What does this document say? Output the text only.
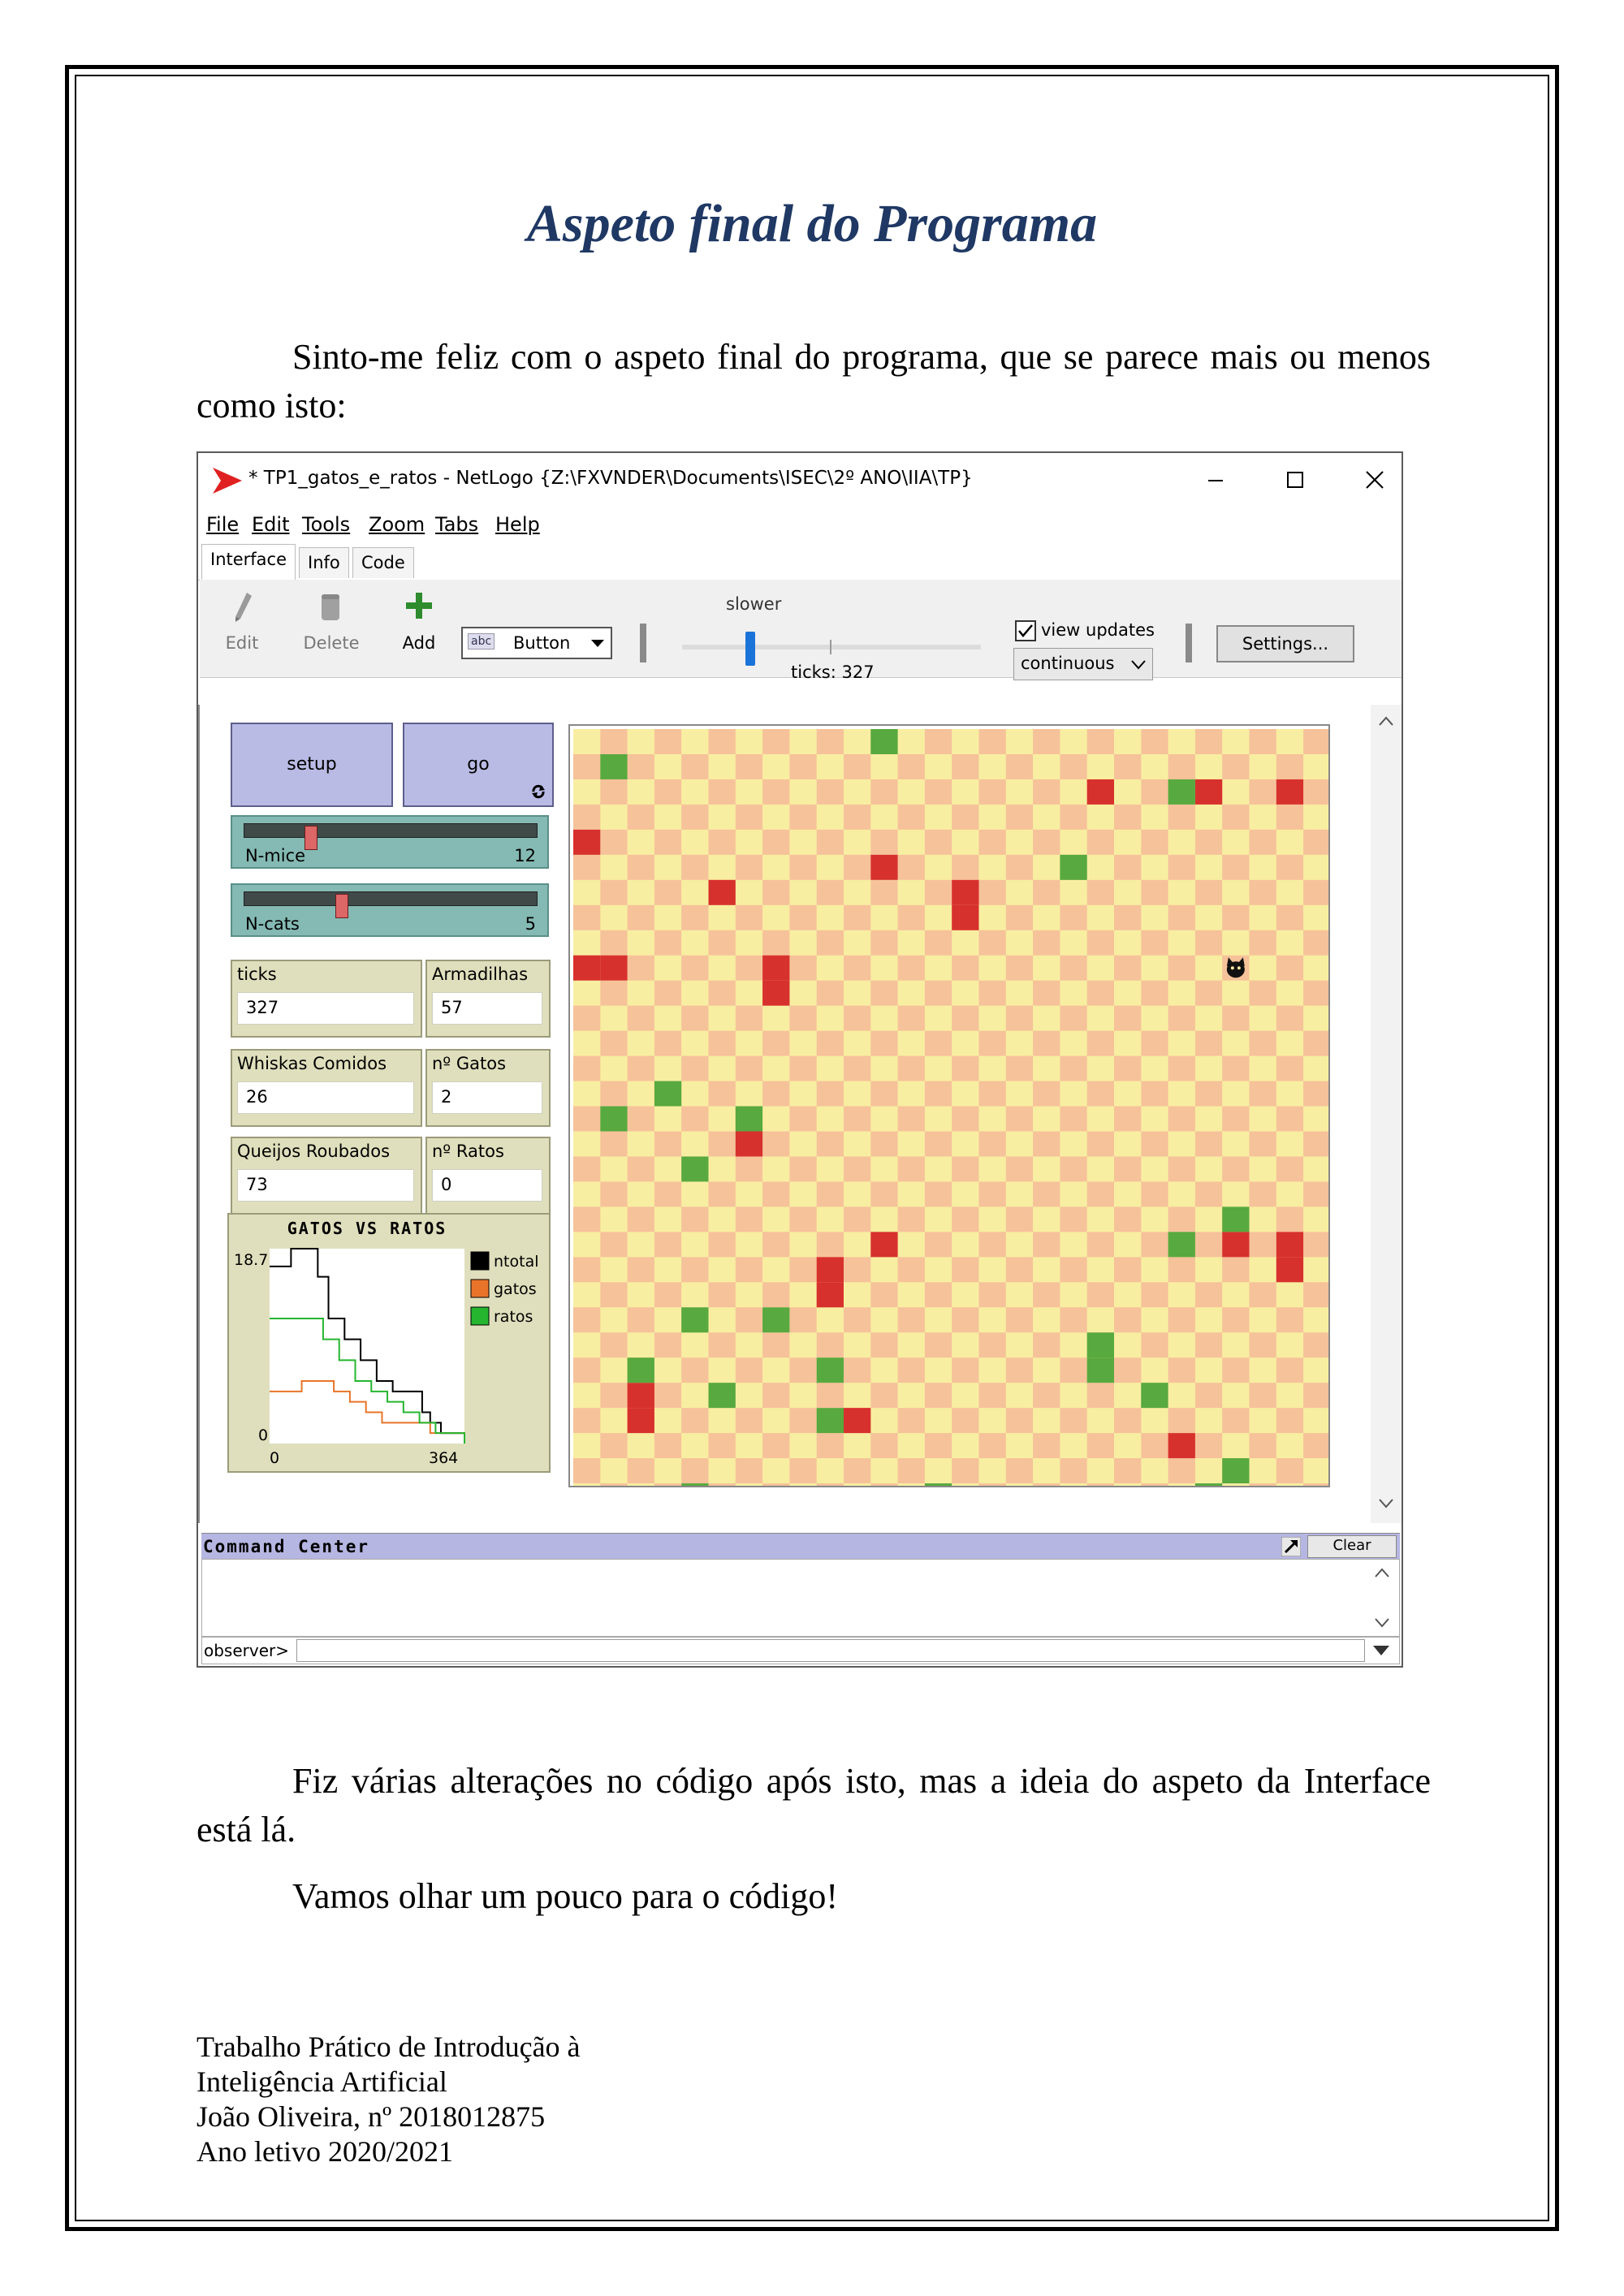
Aspeto final do Programa

Sinto-me feliz com o aspeto final do programa, que se parece mais ou menos como isto:

* TP1_gatos_e_ratos - NetLogo {Z:\FXVNDER\Documents\ISEC\2º ANO\IIA\TP}
File Edit Tools Zoom Tabs Help
Interface	Info	Code
Edit	Delete	Add	abc Button
slower
ticks: 327
view updates
continuous
Settings...
setup	go
N-mice	12
N-cats	5
ticks
327
Armadilhas
57
Whiskas Comidos
26
nº Gatos
2
Queijos Roubados
73
nº Ratos
0
GATOS VS RATOS
18.7
0
0	364
ntotal
gatos
ratos
Command Center	Clear
observer>

Fiz várias alterações no código após isto, mas a ideia do aspeto da Interface está lá.

Vamos olhar um pouco para o código!

Trabalho Prático de Introdução à
Inteligência Artificial
João Oliveira, nº 2018012875
Ano letivo 2020/2021
